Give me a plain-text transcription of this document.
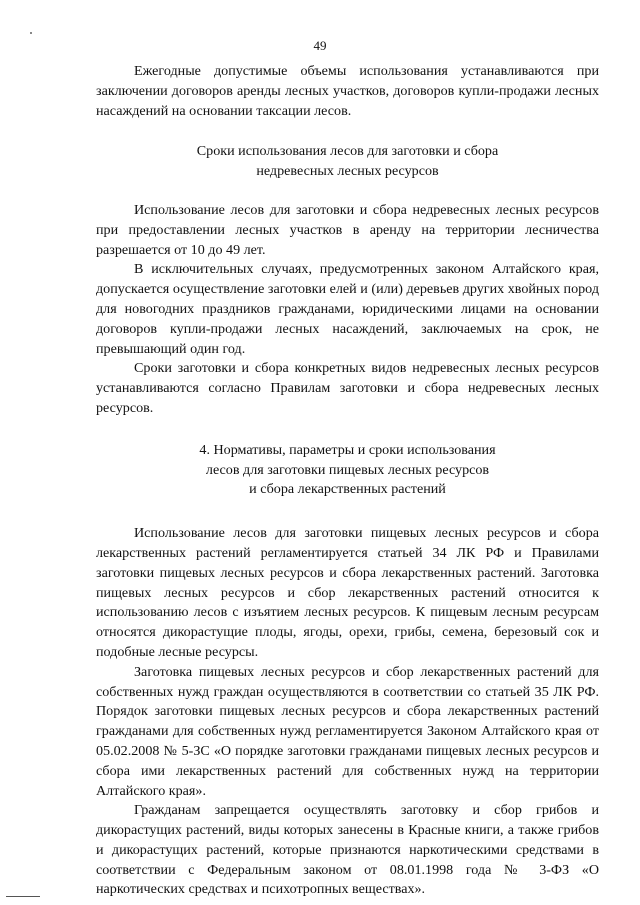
49

Ежегодные допустимые объемы использования устанавливаются при заключении договоров аренды лесных участков, договоров купли-продажи лесных насаждений на основании таксации лесов.

Сроки использования лесов для заготовки и сбора
недревесных лесных ресурсов

Использование лесов для заготовки и сбора недревесных лесных ресурсов при предоставлении лесных участков в аренду на территории лесничества разрешается от 10 до 49 лет.

В исключительных случаях, предусмотренных законом Алтайского края, допускается осуществление заготовки елей и (или) деревьев других хвойных пород для новогодних праздников гражданами, юридическими лицами на основании договоров купли-продажи лесных насаждений, заключаемых на срок, не превышающий один год.

Сроки заготовки и сбора конкретных видов недревесных лесных ресурсов устанавливаются согласно Правилам заготовки и сбора недревесных лесных ресурсов.

4. Нормативы, параметры и сроки использования
лесов для заготовки пищевых лесных ресурсов
и сбора лекарственных растений

Использование лесов для заготовки пищевых лесных ресурсов и сбора лекарственных растений регламентируется статьей 34 ЛК РФ и Правилами заготовки пищевых лесных ресурсов и сбора лекарственных растений. Заготовка пищевых лесных ресурсов и сбор лекарственных растений относится к использованию лесов с изъятием лесных ресурсов. К пищевым лесным ресурсам относятся дикорастущие плоды, ягоды, орехи, грибы, семена, березовый сок и подобные лесные ресурсы.

Заготовка пищевых лесных ресурсов и сбор лекарственных растений для собственных нужд граждан осуществляются в соответствии со статьей 35 ЛК РФ. Порядок заготовки пищевых лесных ресурсов и сбора лекарственных растений гражданами для собственных нужд регламентируется Законом Алтайского края от 05.02.2008 № 5-ЗС «О порядке заготовки гражданами пищевых лесных ресурсов и сбора ими лекарственных растений для собственных нужд на территории Алтайского края».

Гражданам запрещается осуществлять заготовку и сбор грибов и дикорастущих растений, виды которых занесены в Красные книги, а также грибов и дикорастущих растений, которые признаются наркотическими средствами в соответствии с Федеральным законом от 08.01.1998 года № 3-ФЗ «О наркотических средствах и психотропных веществах».
